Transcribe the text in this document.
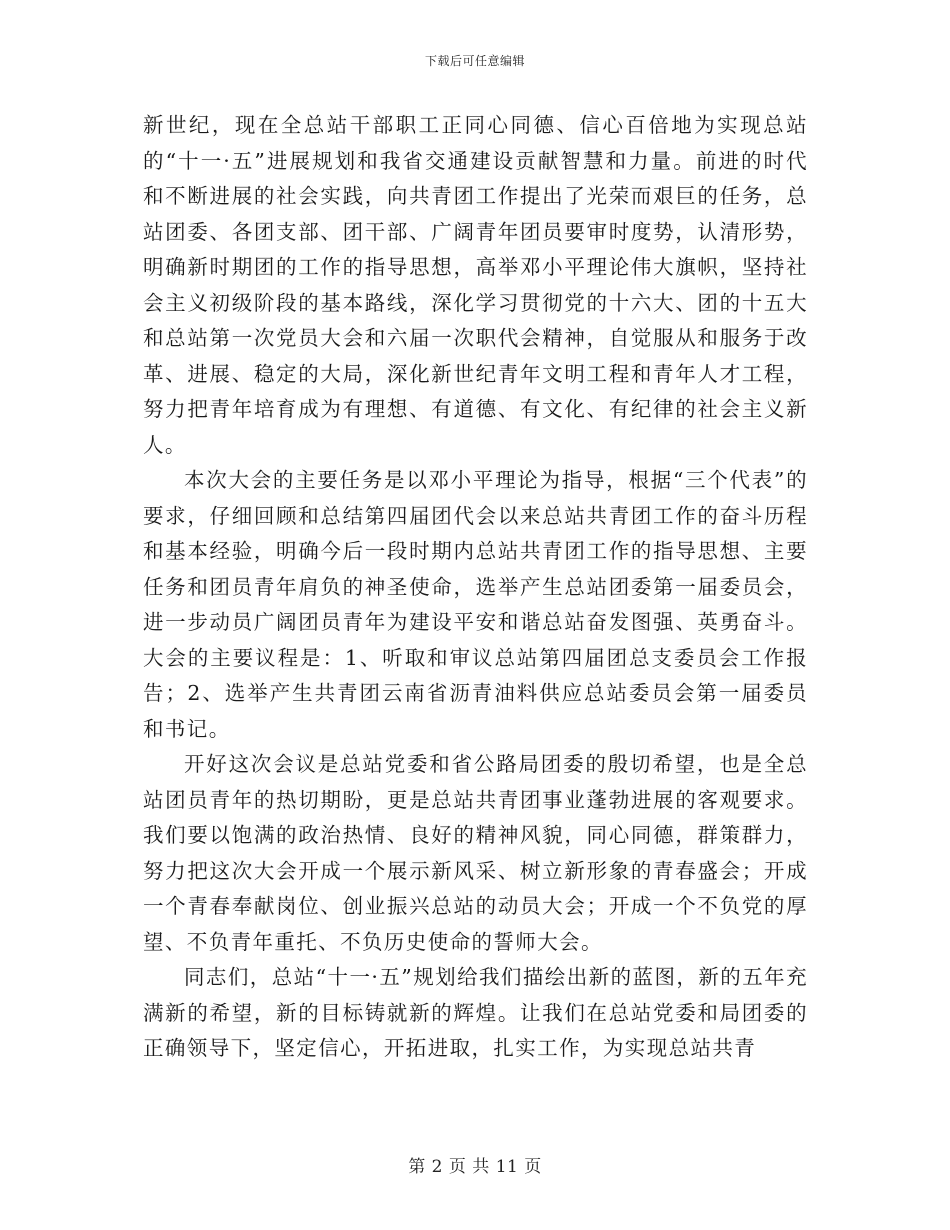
下载后可任意编辑

新世纪，现在全总站干部职工正同心同德、信心百倍地为实现总站的“十一·五”进展规划和我省交通建设贡献智慧和力量。前进的时代和不断进展的社会实践，向共青团工作提出了光荣而艰巨的任务，总站团委、各团支部、团干部、广阔青年团员要审时度势，认清形势，明确新时期团的工作的指导思想，高举邓小平理论伟大旗帜，坚持社会主义初级阶段的基本路线，深化学习贯彻党的十六大、团的十五大和总站第一次党员大会和六届一次职代会精神，自觉服从和服务于改革、进展、稳定的大局，深化新世纪青年文明工程和青年人才工程，努力把青年培育成为有理想、有道德、有文化、有纪律的社会主义新人。

本次大会的主要任务是以邓小平理论为指导，根据“三个代表”的要求，仔细回顾和总结第四届团代会以来总站共青团工作的奋斗历程和基本经验，明确今后一段时期内总站共青团工作的指导思想、主要任务和团员青年肩负的神圣使命，选举产生总站团委第一届委员会，进一步动员广阔团员青年为建设平安和谐总站奋发图强、英勇奋斗。大会的主要议程是：1、听取和审议总站第四届团总支委员会工作报告；2、选举产生共青团云南省沥青油料供应总站委员会第一届委员和书记。

开好这次会议是总站党委和省公路局团委的殷切希望，也是全总站团员青年的热切期盼，更是总站共青团事业蓬勃进展的客观要求。我们要以饱满的政治热情、良好的精神风貌，同心同德，群策群力，努力把这次大会开成一个展示新风采、树立新形象的青春盛会；开成一个青春奉献岗位、创业振兴总站的动员大会；开成一个不负党的厚望、不负青年重托、不负历史使命的誓师大会。

同志们，总站“十一·五”规划给我们描绘出新的蓝图，新的五年充满新的希望，新的目标铸就新的辉煌。让我们在总站党委和局团委的正确领导下，坚定信心，开拓进取，扎实工作，为实现总站共青

第 2 页 共 11 页
